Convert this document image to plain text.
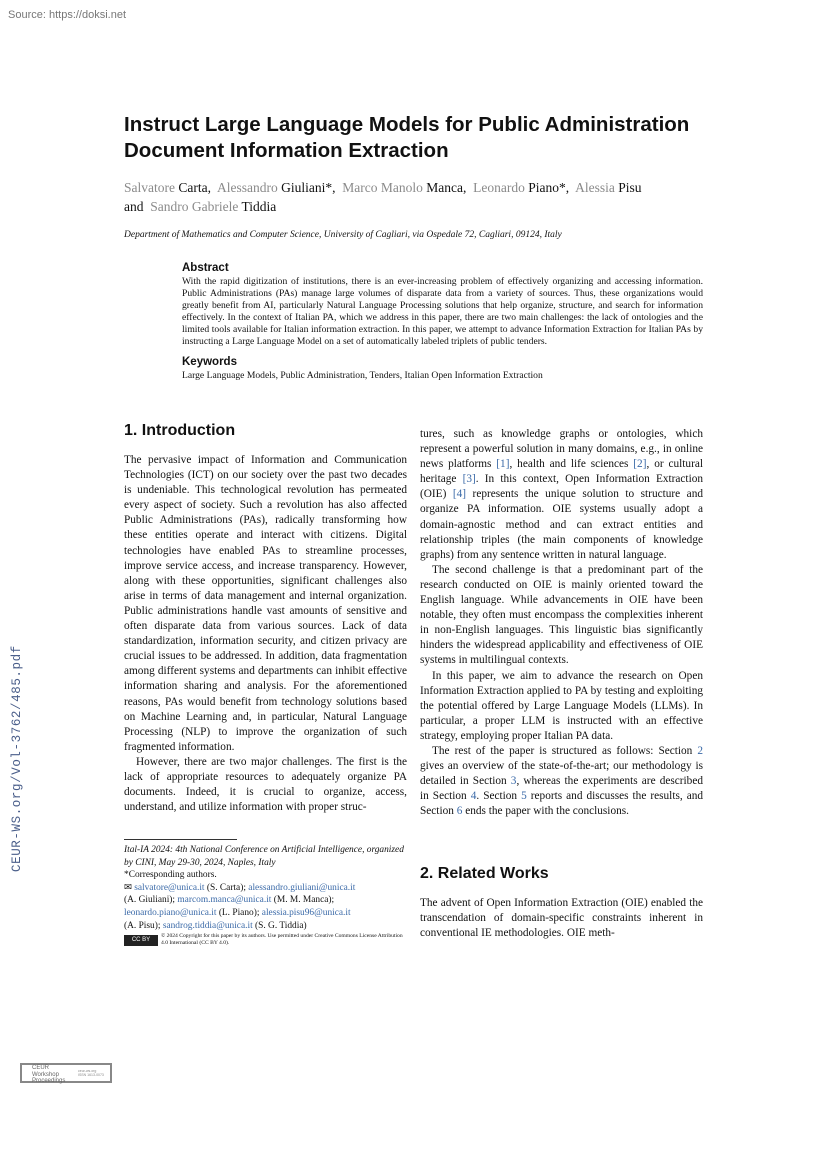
Source: https://doksi.net
Instruct Large Language Models for Public Administration Document Information Extraction
Salvatore Carta, Alessandro Giuliani*, Marco Manolo Manca, Leonardo Piano*, Alessia Pisu
and Sandro Gabriele Tiddia
Department of Mathematics and Computer Science, University of Cagliari, via Ospedale 72, Cagliari, 09124, Italy

Abstract

With the rapid digitization of institutions, there is an ever-increasing problem of effectively organizing and accessing information. Public Administrations (PAs) manage large volumes of disparate data from a variety of sources. Thus, these organizations would greatly benefit from AI, particularly Natural Language Processing solutions that help organize, structure, and search for information effectively. In the context of Italian PA, which we address in this paper, there are two main challenges: the lack of ontologies and the limited tools available for Italian information extraction. In this paper, we attempt to advance Information Extraction for Italian PAs by instructing a Large Language Model on a set of automatically labeled triplets of public tenders.

Keywords

Large Language Models, Public Administration, Tenders, Italian Open Information Extraction

1. Introduction

The pervasive impact of Information and Communication Technologies (ICT) on our society over the past two decades is undeniable. This technological revolution has permeated every aspect of society. Such a revolution has also affected Public Administrations (PAs), radically transforming how these entities operate and interact with citizens. Digital technologies have enabled PAs to streamline processes, improve service access, and increase transparency. However, along with these opportunities, significant challenges also arise in terms of data management and internal organization. Public administrations handle vast amounts of sensitive and often disparate data from various sources. Lack of data standardization, information security, and citizen privacy are crucial issues to be addressed. In addition, data fragmentation among different systems and departments can inhibit effective information sharing and analysis. For the aforementioned reasons, PAs would benefit from technology solutions based on Machine Learning and, in particular, Natural Language Processing (NLP) to improve the organization of such fragmented information.

However, there are two major challenges. The first is the lack of appropriate resources to adequately organize PA documents. Indeed, it is crucial to organize, access, understand, and utilize information with proper struc-

tures, such as knowledge graphs or ontologies, which represent a powerful solution in many domains, e.g., in online news platforms [1], health and life sciences [2], or cultural heritage [3]. In this context, Open Information Extraction (OIE) [4] represents the unique solution to structure and organize PA information. OIE systems usually adopt a domain-agnostic method and can extract entities and relationship triples (the main components of knowledge graphs) from any sentence written in natural language.

The second challenge is that a predominant part of the research conducted on OIE is mainly oriented toward the English language. While advancements in OIE have been notable, they often must encompass the complexities inherent in non-English languages. This linguistic bias significantly hinders the widespread applicability and effectiveness of OIE systems in multilingual contexts.

In this paper, we aim to advance the research on Open Information Extraction applied to PA by testing and exploiting the potential offered by Large Language Models (LLMs). In particular, a proper LLM is instructed with an effective strategy, employing proper Italian PA data.

The rest of the paper is structured as follows: Section 2 gives an overview of the state-of-the-art; our methodology is detailed in Section 3, whereas the experiments are described in Section 4. Section 5 reports and discusses the results, and Section 6 ends the paper with the conclusions.

2. Related Works

The advent of Open Information Extraction (OIE) enabled the transcendation of domain-specific constraints inherent in conventional IE methodologies. OIE meth-

Ital-IA 2024: 4th National Conference on Artificial Intelligence, organized by CINI, May 29-30, 2024, Naples, Italy
*Corresponding authors.
✉ salvatore@unica.it (S. Carta); alessandro.giuliani@unica.it
(A. Giuliani); marcom.manca@unica.it (M. M. Manca);
leonardo.piano@unica.it (L. Piano); alessia.pisu96@unica.it
(A. Pisu); sandrog.tiddia@unica.it (S. G. Tiddia)
CC BY© 2024 Copyright for this paper by its authors. Use permitted under Creative Commons License Attribution 4.0 International (CC BY 4.0).
CEUR-WS.org/Vol-3762/485.pdf
CEUR
Workshop
Proceedings
ceur-ws.org
ISSN 1613-0073
